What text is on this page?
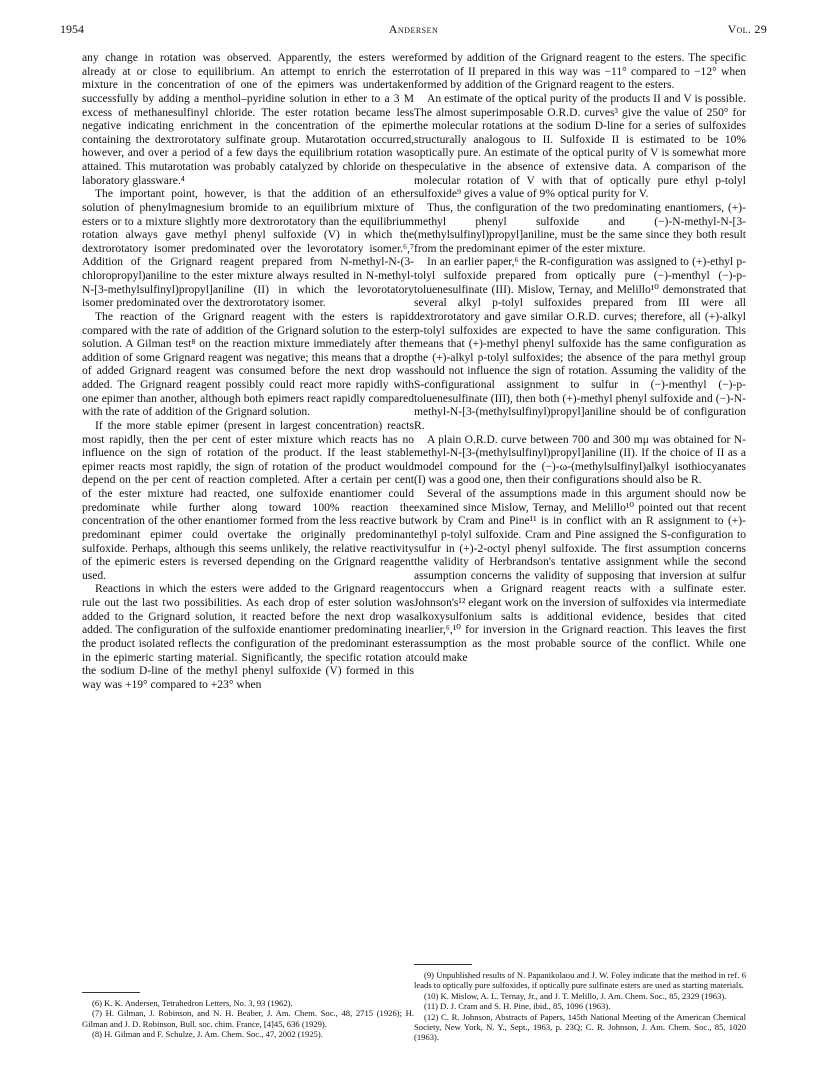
1954	Andersen	Vol. 29

any change in rotation was observed. Apparently, the esters were already at or close to equilibrium. An attempt to enrich the ester mixture in the concentration of one of the epimers was undertaken successfully by adding a menthol–pyridine solution in ether to a 3 M excess of methanesulfinyl chloride. The ester rotation became less negative indicating enrichment in the concentration of the epimer containing the dextrorotatory sulfinate group. Mutarotation occurred, however, and over a period of a few days the equilibrium rotation was attained. This mutarotation was probably catalyzed by chloride on the laboratory glassware.⁴

The important point, however, is that the addition of an ether solution of phenylmagnesium bromide to an equilibrium mixture of esters or to a mixture slightly more dextrorotatory than the equilibrium rotation always gave methyl phenyl sulfoxide (V) in which the dextrorotatory isomer predominated over the levorotatory isomer.⁶,⁷ Addition of the Grignard reagent prepared from N-methyl-N-(3-chloropropyl)aniline to the ester mixture always resulted in N-methyl-N-[3-methylsulfinyl)propyl]aniline (II) in which the levorotatory isomer predominated over the dextrorotatory isomer.

The reaction of the Grignard reagent with the esters is rapid compared with the rate of addition of the Grignard solution to the ester solution. A Gilman test⁸ on the reaction mixture immediately after the addition of some Grignard reagent was negative; this means that a drop of added Grignard reagent was consumed before the next drop was added. The Grignard reagent possibly could react more rapidly with one epimer than another, although both epimers react rapidly compared with the rate of addition of the Grignard solution.

If the more stable epimer (present in largest concentration) reacts most rapidly, then the per cent of ester mixture which reacts has no influence on the sign of rotation of the product. If the least stable epimer reacts most rapidly, the sign of rotation of the product would depend on the per cent of reaction completed. After a certain per cent of the ester mixture had reacted, one sulfoxide enantiomer could predominate while further along toward 100% reaction the concentration of the other enantiomer formed from the less reactive but predominant epimer could overtake the originally predominant sulfoxide. Perhaps, although this seems unlikely, the relative reactivity of the epimeric esters is reversed depending on the Grignard reagent used.

Reactions in which the esters were added to the Grignard reagent rule out the last two possibilities. As each drop of ester solution was added to the Grignard solution, it reacted before the next drop was added. The configuration of the sulfoxide enantiomer predominating in the product isolated reflects the configuration of the predominant ester in the epimeric starting material. Significantly, the specific rotation at the sodium D-line of the methyl phenyl sulfoxide (V) formed in this way was +19° compared to +23° when

formed by addition of the Grignard reagent to the esters. The specific rotation of II prepared in this way was −11° compared to −12° when formed by addition of the Grignard reagent to the esters.

An estimate of the optical purity of the products II and V is possible. The almost superimposable O.R.D. curves³ give the value of 250° for the molecular rotations at the sodium D-line for a series of sulfoxides structurally analogous to II. Sulfoxide II is estimated to be 10% optically pure. An estimate of the optical purity of V is somewhat more speculative in the absence of extensive data. A comparison of the molecular rotation of V with that of optically pure ethyl p-tolyl sulfoxide⁹ gives a value of 9% optical purity for V.

Thus, the configuration of the two predominating enantiomers, (+)-methyl phenyl sulfoxide and (−)-N-methyl-N-[3-(methylsulfinyl)propyl]aniline, must be the same since they both result from the predominant epimer of the ester mixture.

In an earlier paper,⁶ the R-configuration was assigned to (+)-ethyl p-tolyl sulfoxide prepared from optically pure (−)-menthyl (−)-p-toluenesulfinate (III). Mislow, Ternay, and Melillo¹⁰ demonstrated that several alkyl p-tolyl sulfoxides prepared from III were all dextrorotatory and gave similar O.R.D. curves; therefore, all (+)-alkyl p-tolyl sulfoxides are expected to have the same configuration. This means that (+)-methyl phenyl sulfoxide has the same configuration as the (+)-alkyl p-tolyl sulfoxides; the absence of the para methyl group should not influence the sign of rotation. Assuming the validity of the S-configurational assignment to sulfur in (−)-menthyl (−)-p-toluenesulfinate (III), then both (+)-methyl phenyl sulfoxide and (−)-N-methyl-N-[3-(methylsulfinyl)propyl]aniline should be of configuration R.

A plain O.R.D. curve between 700 and 300 mμ was obtained for N-methyl-N-[3-(methylsulfinyl)propyl]aniline (II). If the choice of II as a model compound for the (−)-ω-(methylsulfinyl)alkyl isothiocyanates (I) was a good one, then their configurations should also be R.

Several of the assumptions made in this argument should now be examined since Mislow, Ternay, and Melillo¹⁰ pointed out that recent work by Cram and Pine¹¹ is in conflict with an R assignment to (+)-ethyl p-tolyl sulfoxide. Cram and Pine assigned the S-configuration to sulfur in (+)-2-octyl phenyl sulfoxide. The first assumption concerns the validity of Herbrandson's tentative assignment while the second assumption concerns the validity of supposing that inversion at sulfur occurs when a Grignard reagent reacts with a sulfinate ester. Johnson's¹² elegant work on the inversion of sulfoxides via intermediate alkoxysulfonium salts is additional evidence, besides that cited earlier,⁶,¹⁰ for inversion in the Grignard reaction. This leaves the first assumption as the most probable source of the conflict. While one could make

(6) K. K. Andersen, Tetrahedron Letters, No. 3, 93 (1962).

(7) H. Gilman, J. Robinson, and N. H. Beaber, J. Am. Chem. Soc., 48, 2715 (1926); H. Gilman and J. D. Robinson, Bull. soc. chim. France, [4]45, 636 (1929).

(8) H. Gilman and F. Schulze, J. Am. Chem. Soc., 47, 2002 (1925).

(9) Unpublished results of N. Papanikolaou and J. W. Foley indicate that the method in ref. 6 leads to optically pure sulfoxides, if optically pure sulfinate esters are used as starting materials.

(10) K. Mislow, A. L. Ternay, Jr., and J. T. Melillo, J. Am. Chem. Soc., 85, 2329 (1963).

(11) D. J. Cram and S. H. Pine, ibid., 85, 1096 (1963).

(12) C. R. Johnson, Abstracts of Papers, 145th National Meeting of the American Chemical Society, New York, N. Y., Sept., 1963, p. 23Q; C. R. Johnson, J. Am. Chem. Soc., 85, 1020 (1963).
